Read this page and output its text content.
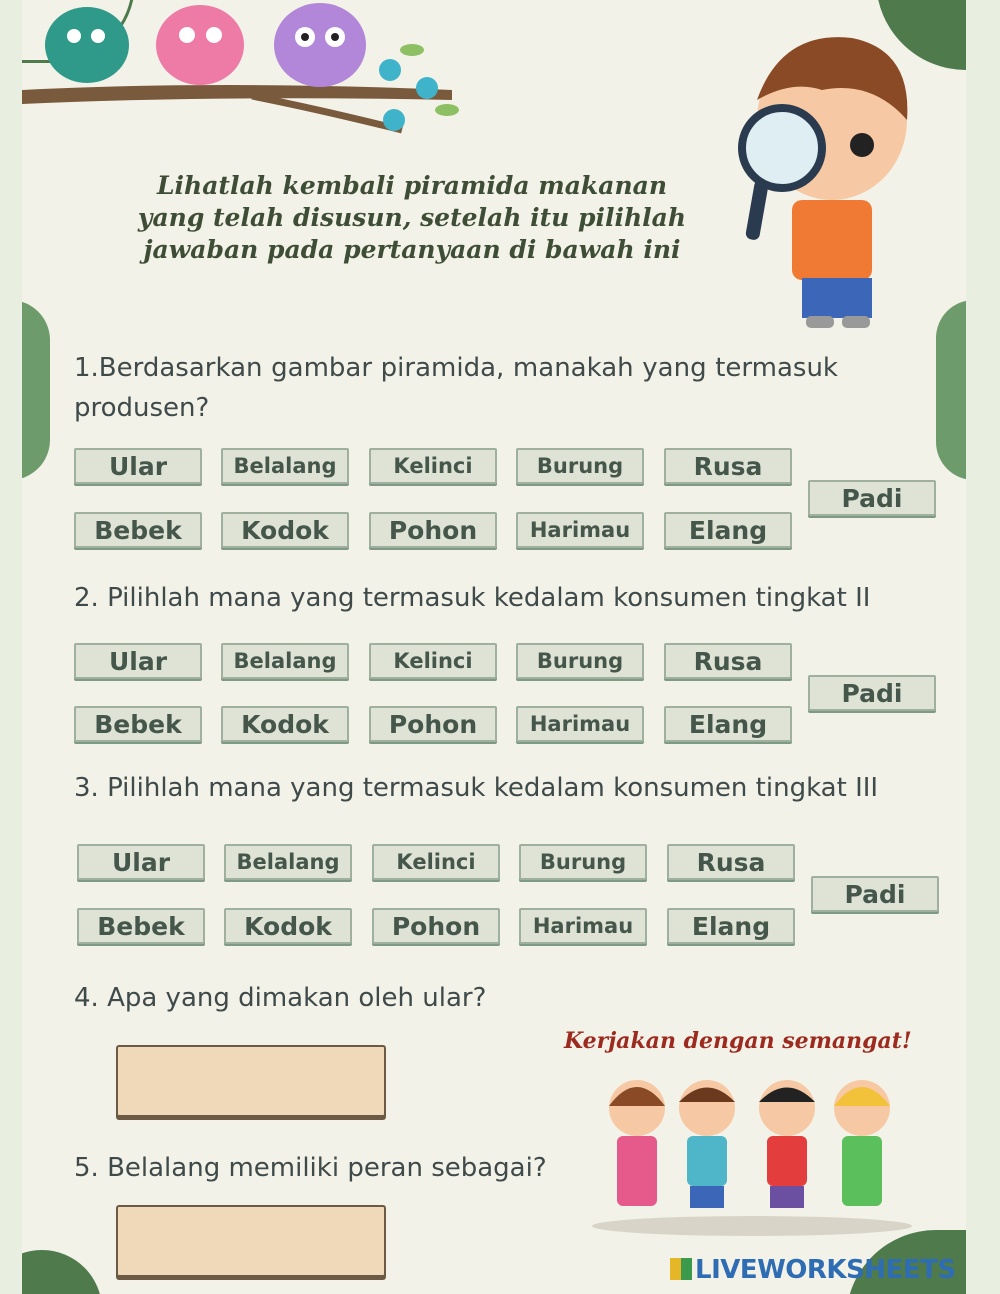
Lihatlah kembali piramida makanan
yang telah disusun, setelah itu pilihlah
jawaban pada pertanyaan di bawah ini
1.Berdasarkan gambar piramida, manakah yang termasuk produsen?
Ular	Belalang	Kelinci	Burung	Rusa
Bebek	Kodok	Pohon	Harimau	Elang
Padi
2. Pilihlah mana yang termasuk kedalam konsumen tingkat II
Ular	Belalang	Kelinci	Burung	Rusa
Bebek	Kodok	Pohon	Harimau	Elang
Padi
3. Pilihlah mana yang termasuk kedalam konsumen tingkat III
Ular	Belalang	Kelinci	Burung	Rusa
Bebek	Kodok	Pohon	Harimau	Elang
Padi
4. Apa yang dimakan oleh ular?
Kerjakan dengan semangat!
5. Belalang memiliki peran sebagai?
LIVEWORKSHEETS
